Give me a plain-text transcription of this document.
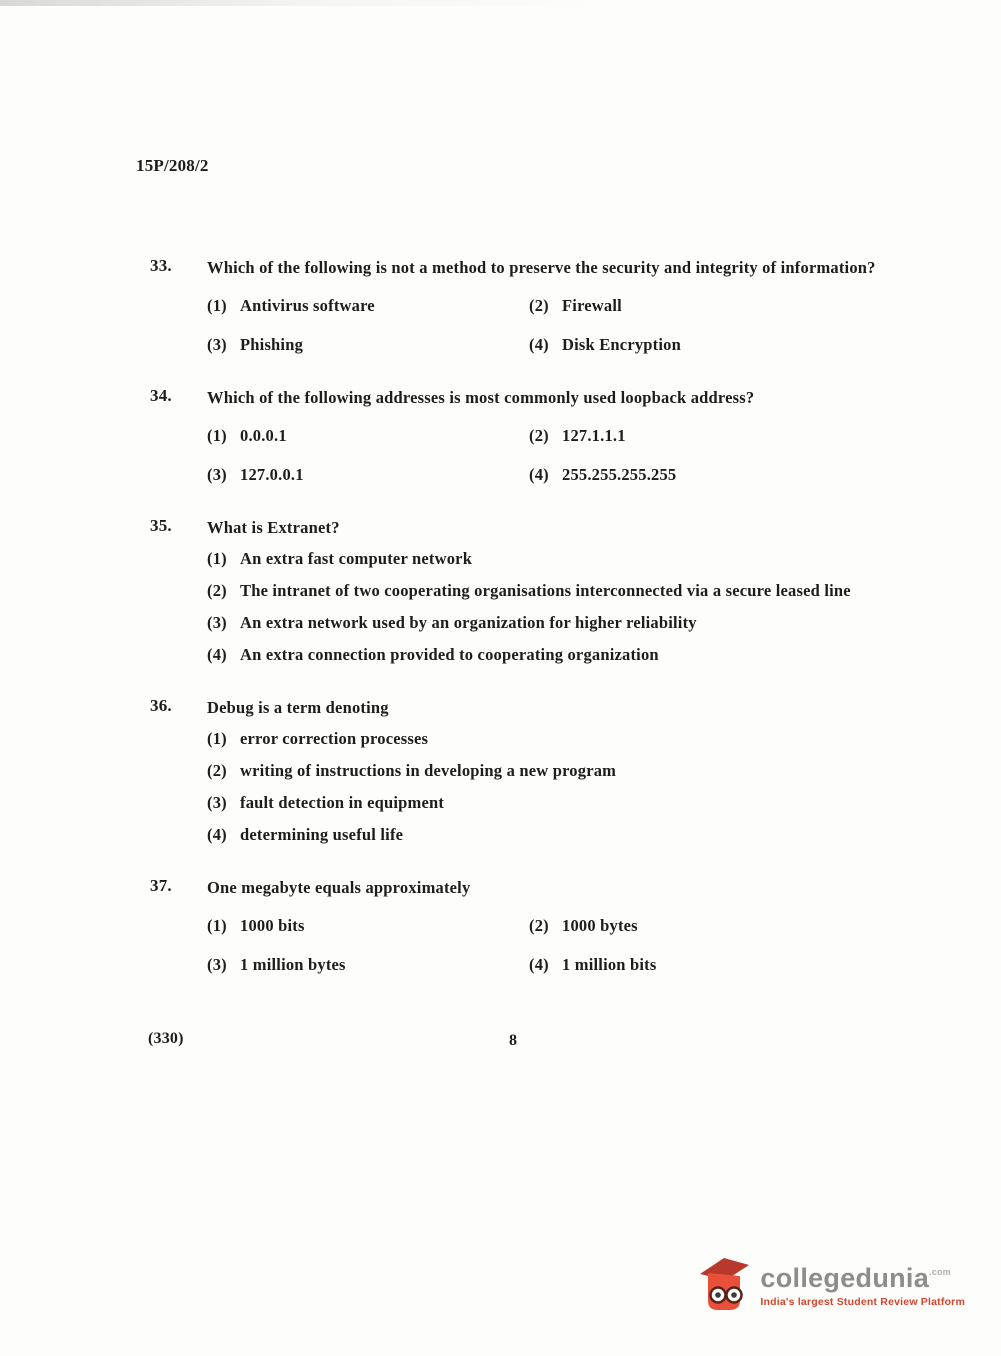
15P/208/2
33.	Which of the following is not a method to preserve the security and integrity of information?
(1) Antivirus software	(2) Firewall
(3) Phishing	(4) Disk Encryption
34.	Which of the following addresses is most commonly used loopback address?
(1) 0.0.0.1	(2) 127.1.1.1
(3) 127.0.0.1	(4) 255.255.255.255
35.	What is Extranet?
(1) An extra fast computer network
(2) The intranet of two cooperating organisations interconnected via a secure leased line
(3) An extra network used by an organization for higher reliability
(4) An extra connection provided to cooperating organization
36.	Debug is a term denoting
(1) error correction processes
(2) writing of instructions in developing a new program
(3) fault detection in equipment
(4) determining useful life
37.	One megabyte equals approximately
(1) 1000 bits	(2) 1000 bytes
(3) 1 million bytes	(4) 1 million bits
(330)	8
collegedunia .com
India's largest Student Review Platform
